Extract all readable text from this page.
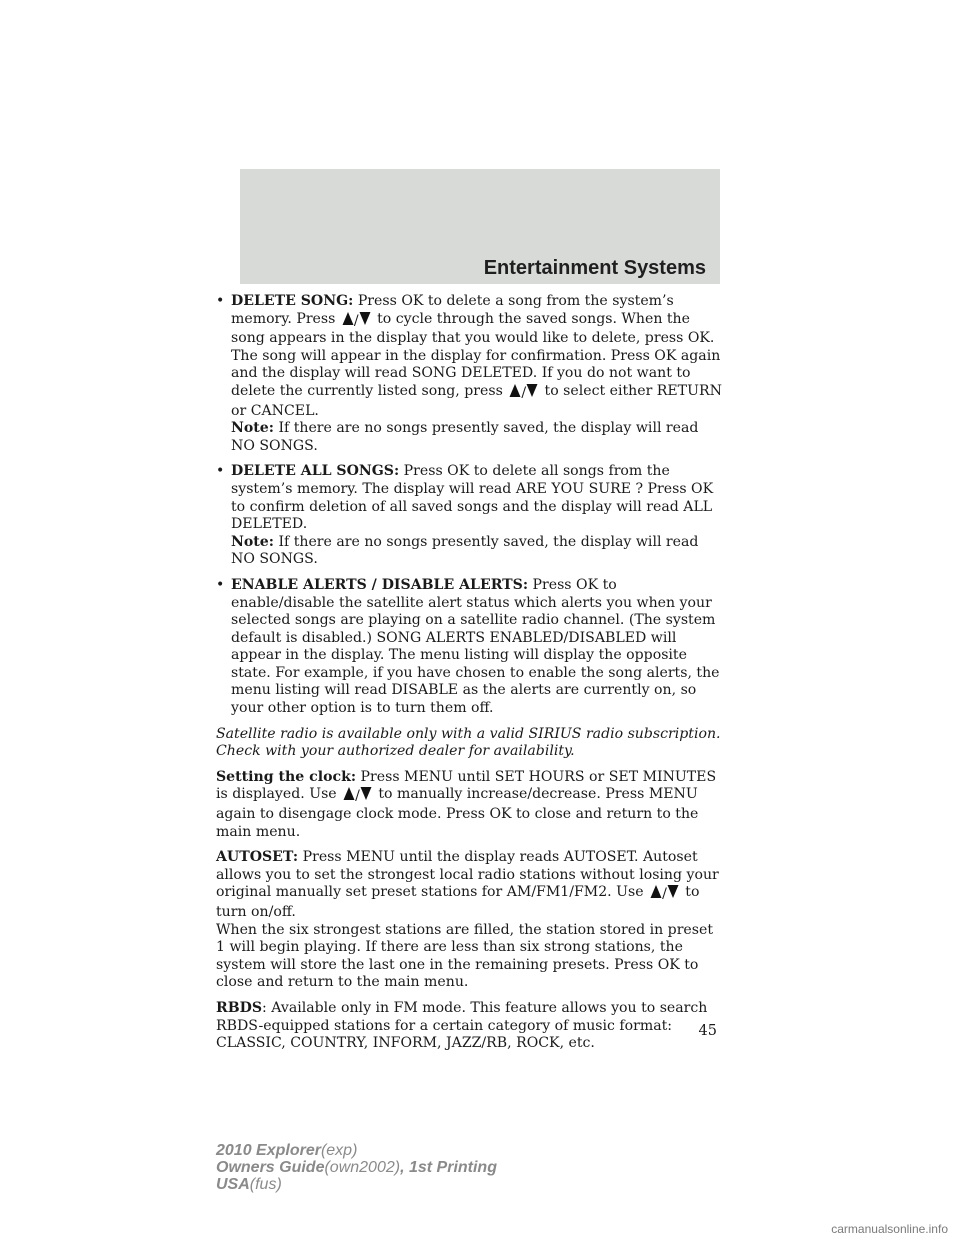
Entertainment Systems

• DELETE SONG: Press OK to delete a song from the system’s memory. Press / to cycle through the saved songs. When the song appears in the display that you would like to delete, press OK. The song will appear in the display for confirmation. Press OK again and the display will read SONG DELETED. If you do not want to delete the currently listed song, press / to select either RETURN or CANCEL.
Note: If there are no songs presently saved, the display will read NO SONGS.

• DELETE ALL SONGS: Press OK to delete all songs from the system’s memory. The display will read ARE YOU SURE ? Press OK to confirm deletion of all saved songs and the display will read ALL DELETED.
Note: If there are no songs presently saved, the display will read NO SONGS.

• ENABLE ALERTS / DISABLE ALERTS: Press OK to enable/disable the satellite alert status which alerts you when your selected songs are playing on a satellite radio channel. (The system default is disabled.) SONG ALERTS ENABLED/DISABLED will appear in the display. The menu listing will display the opposite state. For example, if you have chosen to enable the song alerts, the menu listing will read DISABLE as the alerts are currently on, so your other option is to turn them off.

Satellite radio is available only with a valid SIRIUS radio subscription. Check with your authorized dealer for availability.

Setting the clock: Press MENU until SET HOURS or SET MINUTES is displayed. Use / to manually increase/decrease. Press MENU again to disengage clock mode. Press OK to close and return to the main menu.

AUTOSET: Press MENU until the display reads AUTOSET. Autoset allows you to set the strongest local radio stations without losing your original manually set preset stations for AM/FM1/FM2. Use / to turn on/off.
When the six strongest stations are filled, the station stored in preset 1 will begin playing. If there are less than six strong stations, the system will store the last one in the remaining presets. Press OK to close and return to the main menu.

RBDS: Available only in FM mode. This feature allows you to search RBDS-equipped stations for a certain category of music format: CLASSIC, COUNTRY, INFORM, JAZZ/RB, ROCK, etc.

45

2010 Explorer(exp)
Owners Guide(own2002), 1st Printing
USA(fus)
carmanualsonline.info
